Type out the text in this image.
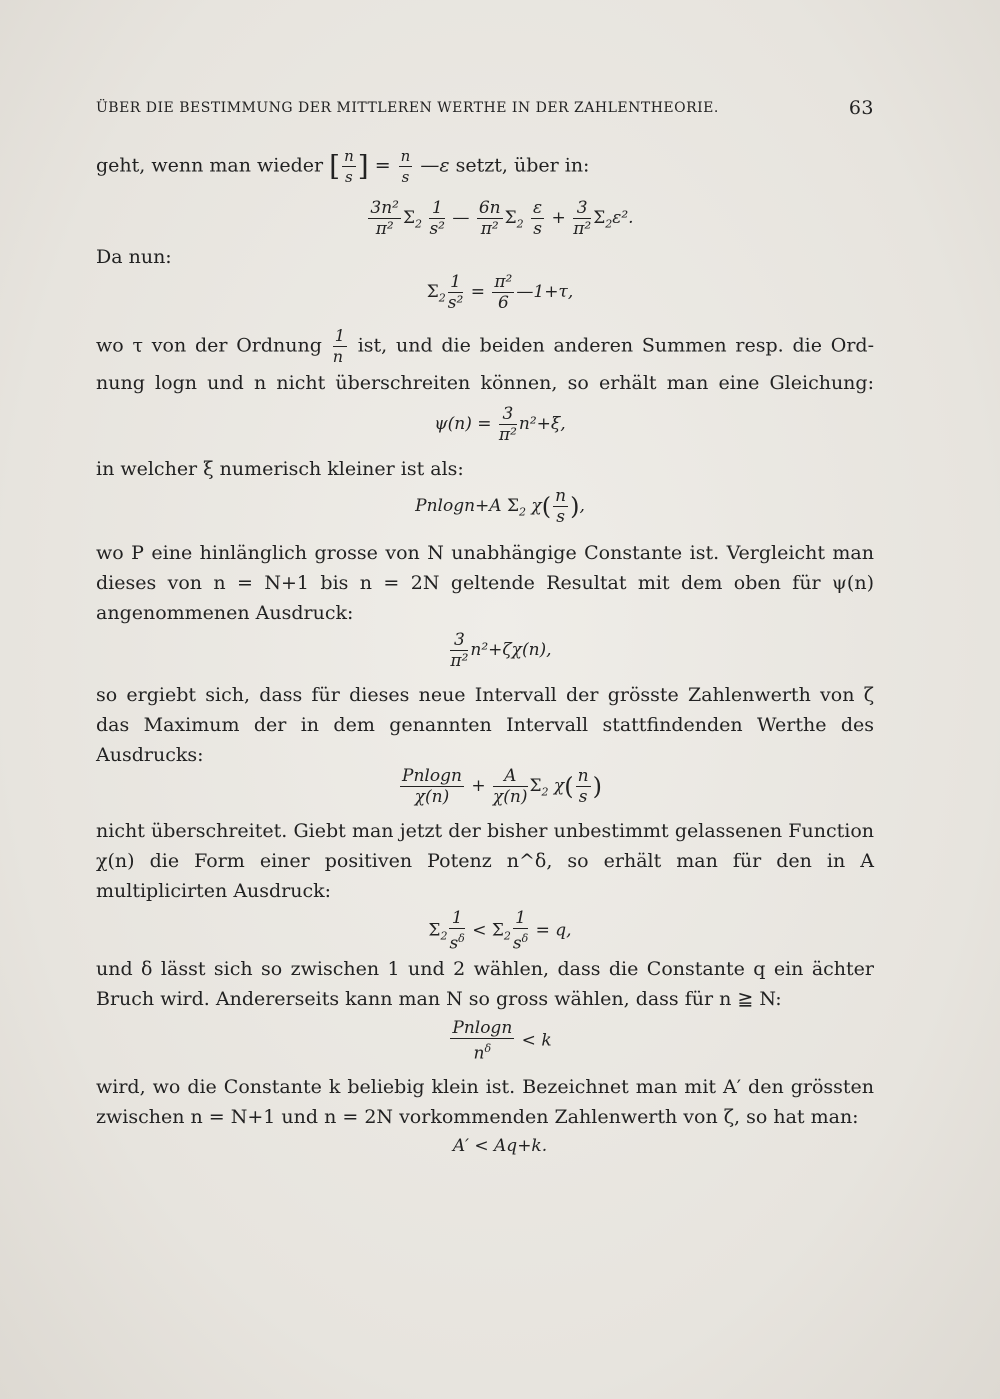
ÜBER DIE BESTIMMUNG DER MITTLEREN WERTHE IN DER ZAHLENTHEORIE.	63
geht, wenn man wieder [ $\frac{n}{s}$ ] = $\frac{n}{s}$ —ε setzt, über in:
$\frac{\text{3n²}}{\text{π²}} \Sigma_2 \frac{1}{\text{s²}}$ — $\frac{6n}{\text{π²}} \Sigma_2 \frac{\varepsilon}{s} + \frac{3}{\text{π²}} \Sigma_2\varepsilon^2$.
Da nun:
$\Sigma_2 \frac{1}{\text{s²}} = \frac{\text{π²}}{6}$ —1+τ,
wo τ von der Ordnung $\frac{1}{n}$ ist, und die beiden anderen Summen resp. die Ord-
nung logn und n nicht überschreiten können, so erhält man eine Gleichung:
$\psi(n) = \frac{3}{\text{π²}} n^2+\xi$,
in welcher ξ numerisch kleiner ist als:
Pnlogn+A $\Sigma_2$ $\chi( \frac{n}{s}$ ),
wo P eine hinlänglich grosse von N unabhängige Constante ist. Vergleicht man dieses von n = N+1 bis n = 2N geltende Resultat mit dem oben für ψ(n) angenommenen Ausdruck:
$\frac{3}{\text{π²}} n^2+\zeta\chi(n)$,
so ergiebt sich, dass für dieses neue Intervall der grösste Zahlenwerth von ζ das Maximum der in dem genannten Intervall stattfindenden Werthe des Ausdrucks:
$\frac{Pnlogn}{\chi(n)} + \frac{A}{\chi(n)} \Sigma_2$ $\chi( \frac{n}{s}$ )
nicht überschreitet. Giebt man jetzt der bisher unbestimmt gelassenen Function χ(n) die Form einer positiven Potenz n^δ, so erhält man für den in A multiplicirten Ausdruck:
$\Sigma_2 \frac{1}{s^\delta} < \Sigma_2 \frac{1}{s^\delta} = q$,
und δ lässt sich so zwischen 1 und 2 wählen, dass die Constante q ein ächter Bruch wird. Andererseits kann man N so gross wählen, dass für n ≧ N:
$\frac{Pnlogn}{n^\delta} < k$
wird, wo die Constante k beliebig klein ist. Bezeichnet man mit A′ den grössten zwischen n = N+1 und n = 2N vorkommenden Zahlenwerth von ζ, so hat man:
A′ < Aq+k.
